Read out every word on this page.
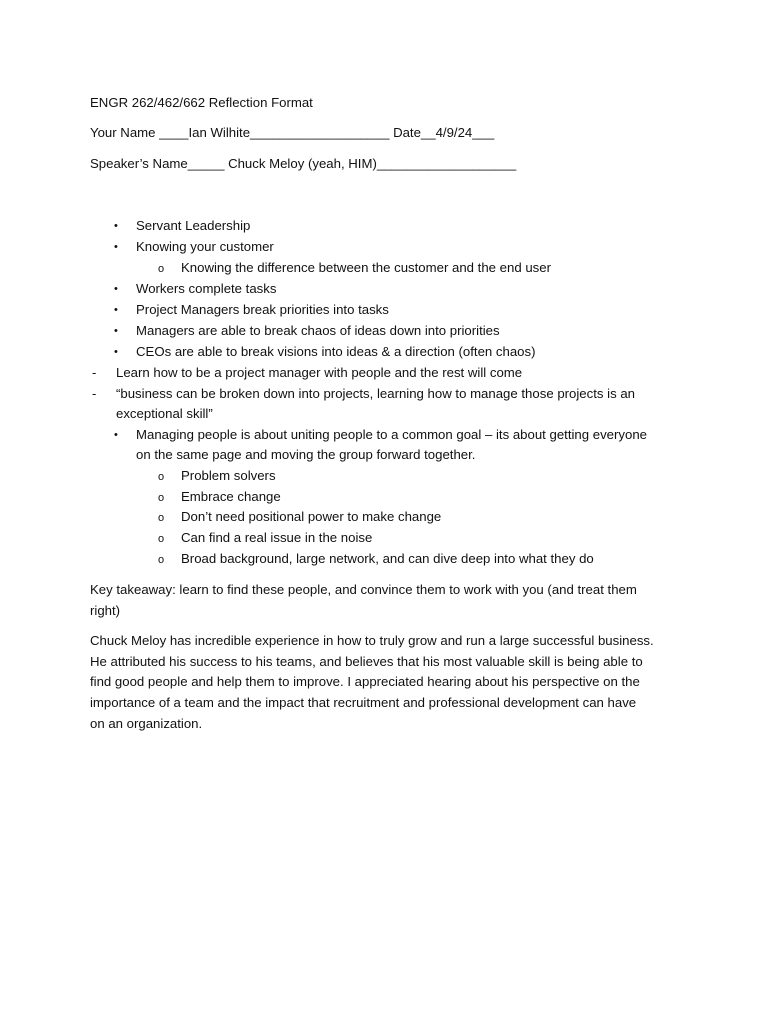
ENGR 262/462/662 Reflection Format
Your Name ____Ian Wilhite___________________ Date__4/9/24___
Speaker’s Name_____ Chuck Meloy (yeah, HIM)___________________
• Servant Leadership
• Knowing your customer
o Knowing the difference between the customer and the end user
• Workers complete tasks
• Project Managers break priorities into tasks
• Managers are able to break chaos of ideas down into priorities
• CEOs are able to break visions into ideas & a direction (often chaos)
- Learn how to be a project manager with people and the rest will come
- “business can be broken down into projects, learning how to manage those projects is an
exceptional skill”
• Managing people is about uniting people to a common goal – its about getting everyone
on the same page and moving the group forward together.
o Problem solvers
o Embrace change
o Don’t need positional power to make change
o Can find a real issue in the noise
o Broad background, large network, and can dive deep into what they do
Key takeaway: learn to find these people, and convince them to work with you (and treat them
right)
Chuck Meloy has incredible experience in how to truly grow and run a large successful business.
He attributed his success to his teams, and believes that his most valuable skill is being able to
find good people and help them to improve. I appreciated hearing about his perspective on the
importance of a team and the impact that recruitment and professional development can have
on an organization.
